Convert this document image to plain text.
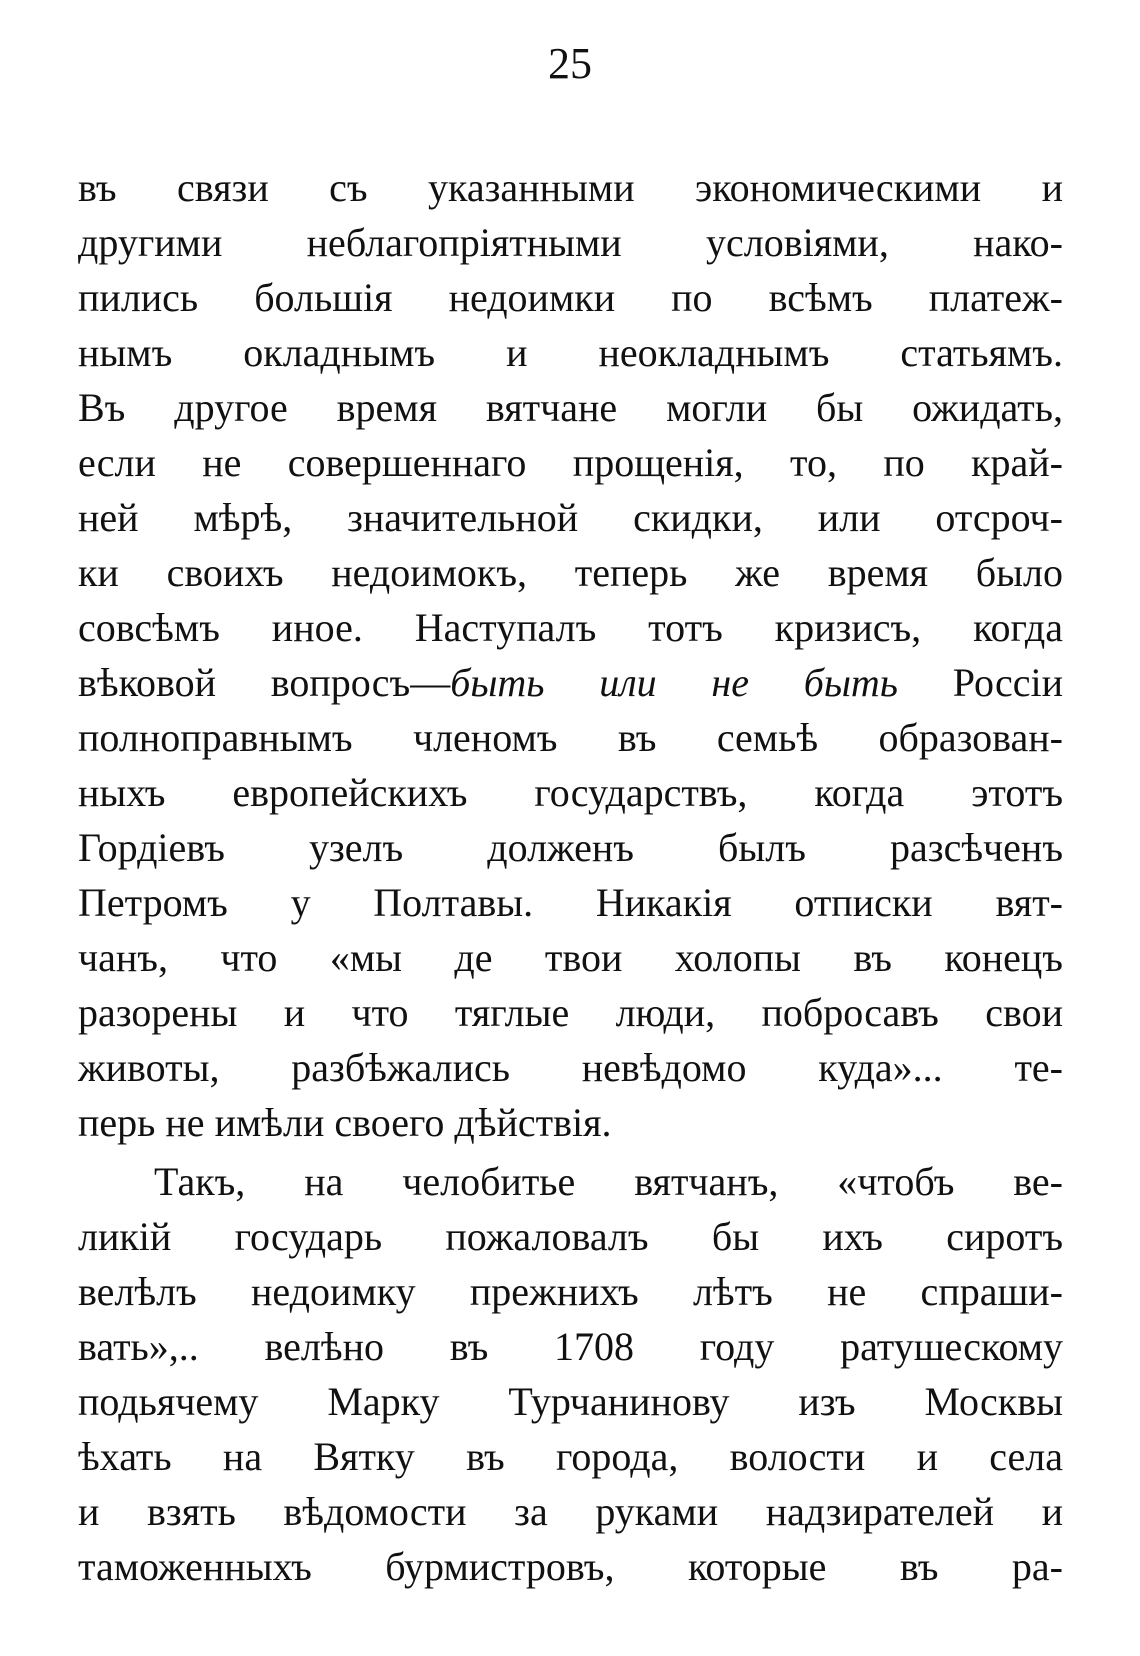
25
въ связи съ указанными экономическими и
другими неблагопріятными условіями, нако-
пились большія недоимки по всѣмъ платеж-
нымъ окладнымъ и неокладнымъ статьямъ.
Въ другое время вятчане могли бы ожидать,
если не совершеннаго прощенія, то, по край-
ней мѣрѣ, значительной скидки, или отсроч-
ки своихъ недоимокъ, теперь же время было
совсѣмъ иное. Наступалъ тотъ кризисъ, когда
вѣковой вопросъ—быть или не быть Россіи
полноправнымъ членомъ въ семьѣ образован-
ныхъ европейскихъ государствъ, когда этотъ
Гордіевъ узелъ долженъ былъ разсѣченъ
Петромъ у Полтавы. Никакія отписки вят-
чанъ, что «мы де твои холопы въ конецъ
разорены и что тяглые люди, побросавъ свои
животы, разбѣжались невѣдомо куда»... те-
перь не имѣли своего дѣйствія.
Такъ, на челобитье вятчанъ, «чтобъ ве-
ликій государь пожаловалъ бы ихъ сиротъ
велѣлъ недоимку прежнихъ лѣтъ не спраши-
вать»,.. велѣно въ 1708 году ратушескому
подьячему Марку Турчанинову изъ Москвы
ѣхать на Вятку въ города, волости и села
и взять вѣдомости за руками надзирателей и
таможенныхъ бурмистровъ, которые въ ра-
